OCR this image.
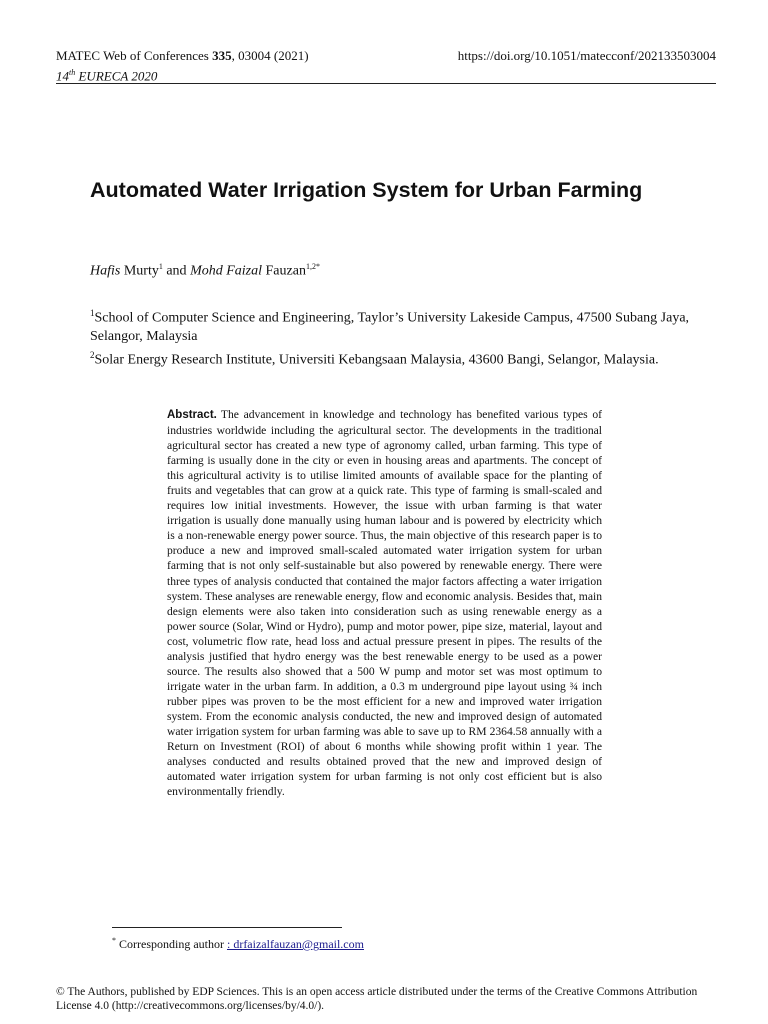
MATEC Web of Conferences 335, 03004 (2021)
14th EURECA 2020
https://doi.org/10.1051/matecconf/202133503004
Automated Water Irrigation System for Urban Farming
Hafis Murty$^1$ and Mohd Faizal Fauzan$^{1,2*}$

$^1$School of Computer Science and Engineering, Taylor’s University Lakeside Campus, 47500 Subang Jaya, Selangor, Malaysia

$^2$Solar Energy Research Institute, Universiti Kebangsaan Malaysia, 43600 Bangi, Selangor, Malaysia.

Abstract. The advancement in knowledge and technology has benefited various types of industries worldwide including the agricultural sector. The developments in the traditional agricultural sector has created a new type of agronomy called, urban farming. This type of farming is usually done in the city or even in housing areas and apartments. The concept of this agricultural activity is to utilise limited amounts of available space for the planting of fruits and vegetables that can grow at a quick rate. This type of farming is small-scaled and requires low initial investments. However, the issue with urban farming is that water irrigation is usually done manually using human labour and is powered by electricity which is a non-renewable energy power source. Thus, the main objective of this research paper is to produce a new and improved small-scaled automated water irrigation system for urban farming that is not only self-sustainable but also powered by renewable energy. There were three types of analysis conducted that contained the major factors affecting a water irrigation system. These analyses are renewable energy, flow and economic analysis. Besides that, main design elements were also taken into consideration such as using renewable energy as a power source (Solar, Wind or Hydro), pump and motor power, pipe size, material, layout and cost, volumetric flow rate, head loss and actual pressure present in pipes. The results of the analysis justified that hydro energy was the best renewable energy to be used as a power source. The results also showed that a 500 W pump and motor set was most optimum to irrigate water in the urban farm. In addition, a 0.3 m underground pipe layout using ¾ inch rubber pipes was proven to be the most efficient for a new and improved water irrigation system. From the economic analysis conducted, the new and improved design of automated water irrigation system for urban farming was able to save up to RM 2364.58 annually with a Return on Investment (ROI) of about 6 months while showing profit within 1 year. The analyses conducted and results obtained proved that the new and improved design of automated water irrigation system for urban farming is not only cost efficient but is also environmentally friendly.

* Corresponding author : drfaizalfauzan@gmail.com

© The Authors, published by EDP Sciences. This is an open access article distributed under the terms of the Creative Commons Attribution License 4.0 (http://creativecommons.org/licenses/by/4.0/).
